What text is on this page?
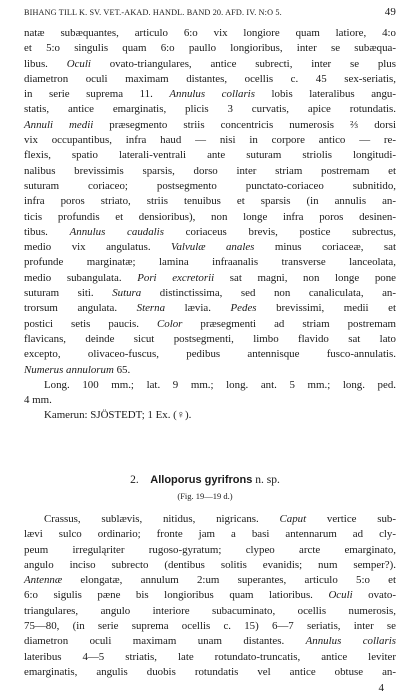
BIHANG TILL K. SV. VET.-AKAD. HANDL. BAND 20. AFD. IV. N:O 5.	49
natæ subæquantes, articulo 6:o vix longiore quam latiore, 4:o
et 5:o singulis quam 6:o paullo longioribus, inter se subæqua-
libus. Oculi ovato-triangulares, antice subrecti, inter se plus
diametron oculi maximam distantes, ocellis c. 45 sex-seriatis,
in serie suprema 11. Annulus collaris lobis lateralibus angu-
statis, antice emarginatis, plicis 3 curvatis, apice rotundatis.
Annuli medii præsegmento striis concentricis numerosis ⅔ dorsi
vix occupantibus, infra haud — nisi in corpore antico — re-
flexis, spatio laterali-ventrali ante suturam striolis longitudi-
nalibus brevissimis sparsis, dorso inter striam postremam et
suturam coriaceo; postsegmento punctato-coriaceo subnitido,
infra poros striato, striis tenuibus et sparsis (in annulis an-
ticis profundis et densioribus), non longe infra poros desinen-
tibus. Annulus caudalis coriaceus brevis, postice subrectus,
medio vix angulatus. Valvulæ anales minus coriaceæ, sat
profunde marginatæ; lamina infraanalis transverse lanceolata,
medio subangulata. Pori excretorii sat magni, non longe pone
suturam siti. Sutura distinctissima, sed non canaliculata, an-
trorsum angulata. Sterna lævia. Pedes brevissimi, medii et
postici setis paucis. Color præsegmenti ad striam postremam
flavicans, deinde sicut postsegmenti, limbo flavido sat lato
excepto, olivaceo-fuscus, pedibus antennisque fusco-annulatis.
Numerus annulorum 65.
Long. 100 mm.; lat. 9 mm.; long. ant. 5 mm.; long. ped.
4 mm.
Kamerun: SJÖSTEDT; 1 Ex. (♀).
2. Alloporus gyrifrons n. sp.
(Fig. 19—19 d.)
Crassus, sublævis, nitidus, nigricans. Caput vertice sub-
lævi sulco ordinario; fronte jam a basi antennarum ad cly-
peum irreguląriter rugoso-gyratum; clypeo arcte emarginato,
angulo inciso subrecto (dentibus solitis evanidis; num semper?).
Antennæ elongatæ, annulum 2:um superantes, articulo 5:o et
6:o sigulis pæne bis longioribus quam latioribus. Oculi ovato-
triangulares, angulo interiore subacuminato, ocellis numerosis,
75—80, (in serie suprema ocellis c. 15) 6—7 seriatis, inter se
diametron oculi maximam unam distantes. Annulus collaris
lateribus 4—5 striatis, late rotundato-truncatis, antice leviter
emarginatis, angulis duobis rotundatis vel antice obtuse an-
4
